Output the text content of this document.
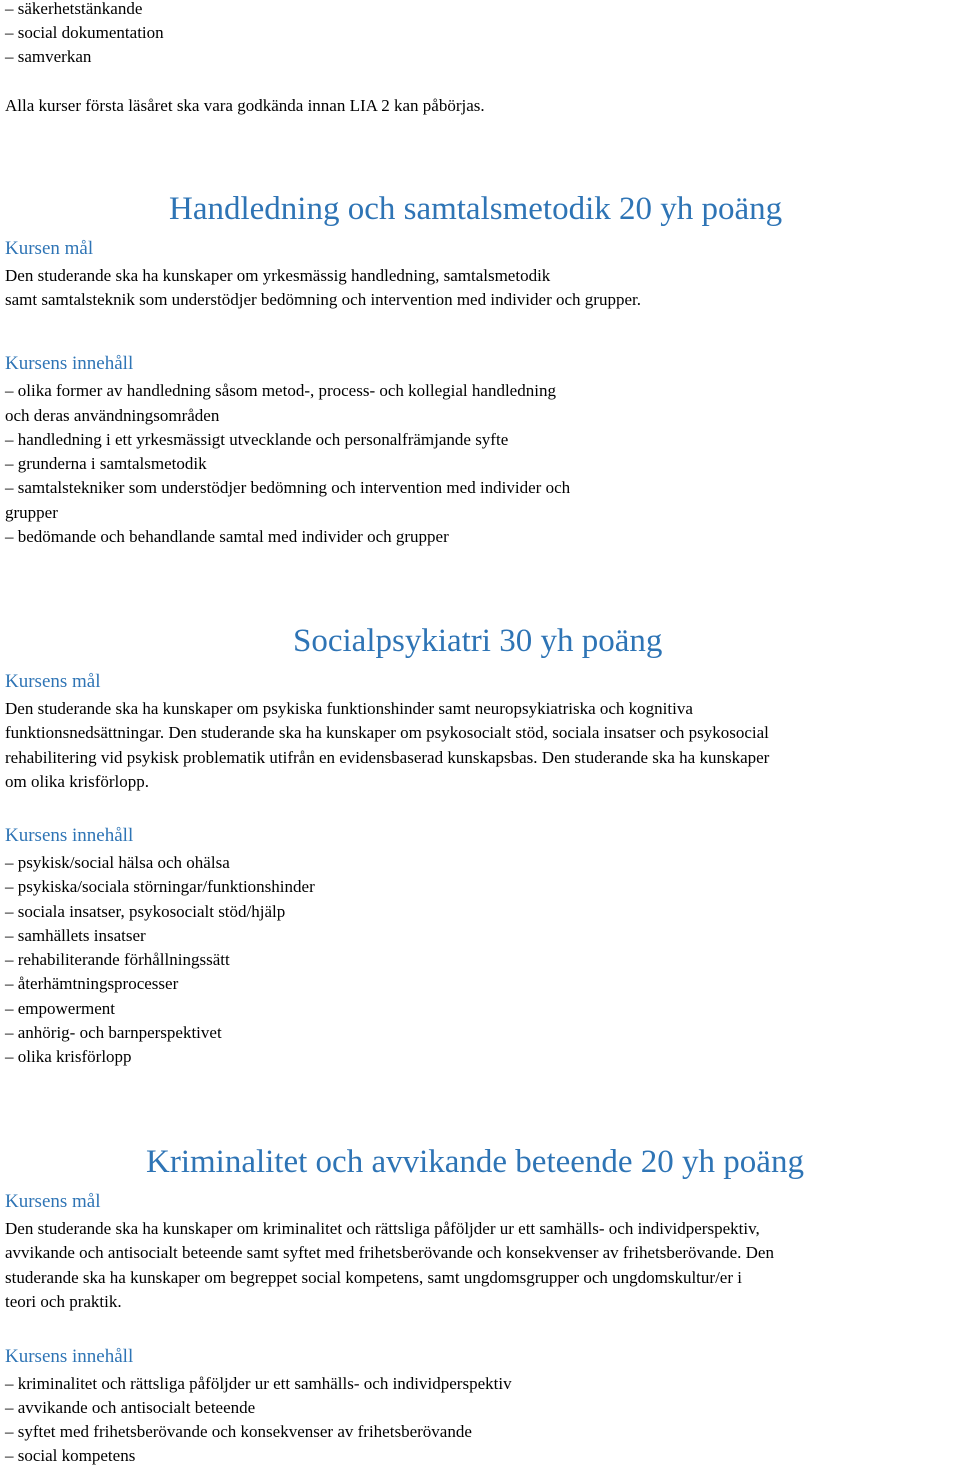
– säkerhetstänkande
– social dokumentation
– samverkan
Alla kurser första läsåret ska vara godkända innan LIA 2 kan påbörjas.
Handledning och samtalsmetodik 20 yh poäng
Kursen mål
Den studerande ska ha kunskaper om yrkesmässig handledning, samtalsmetodik
samt samtalsteknik som understödjer bedömning och intervention med individer och grupper.
Kursens innehåll
– olika former av handledning såsom metod-, process- och kollegial handledning
och deras användningsområden
– handledning i ett yrkesmässigt utvecklande och personalfrämjande syfte
– grunderna i samtalsmetodik
– samtalstekniker som understödjer bedömning och intervention med individer och
grupper
– bedömande och behandlande samtal med individer och grupper
Socialpsykiatri 30 yh poäng
Kursens mål
Den studerande ska ha kunskaper om psykiska funktionshinder samt neuropsykiatriska och kognitiva
funktionsnedsättningar. Den studerande ska ha kunskaper om psykosocialt stöd, sociala insatser och psykosocial
rehabilitering vid psykisk problematik utifrån en evidensbaserad kunskapsbas. Den studerande ska ha kunskaper
om olika krisförlopp.
Kursens innehåll
– psykisk/social hälsa och ohälsa
– psykiska/sociala störningar/funktionshinder
– sociala insatser, psykosocialt stöd/hjälp
– samhällets insatser
– rehabiliterande förhållningssätt
– återhämtningsprocesser
– empowerment
– anhörig- och barnperspektivet
– olika krisförlopp
Kriminalitet och avvikande beteende 20 yh poäng
Kursens mål
Den studerande ska ha kunskaper om kriminalitet och rättsliga påföljder ur ett samhälls- och individperspektiv,
avvikande och antisocialt beteende samt syftet med frihetsberövande och konsekvenser av frihetsberövande. Den
studerande ska ha kunskaper om begreppet social kompetens, samt ungdomsgrupper och ungdomskultur/er i
teori och praktik.
Kursens innehåll
– kriminalitet och rättsliga påföljder ur ett samhälls- och individperspektiv
– avvikande och antisocialt beteende
– syftet med frihetsberövande och konsekvenser av frihetsberövande
– social kompetens
